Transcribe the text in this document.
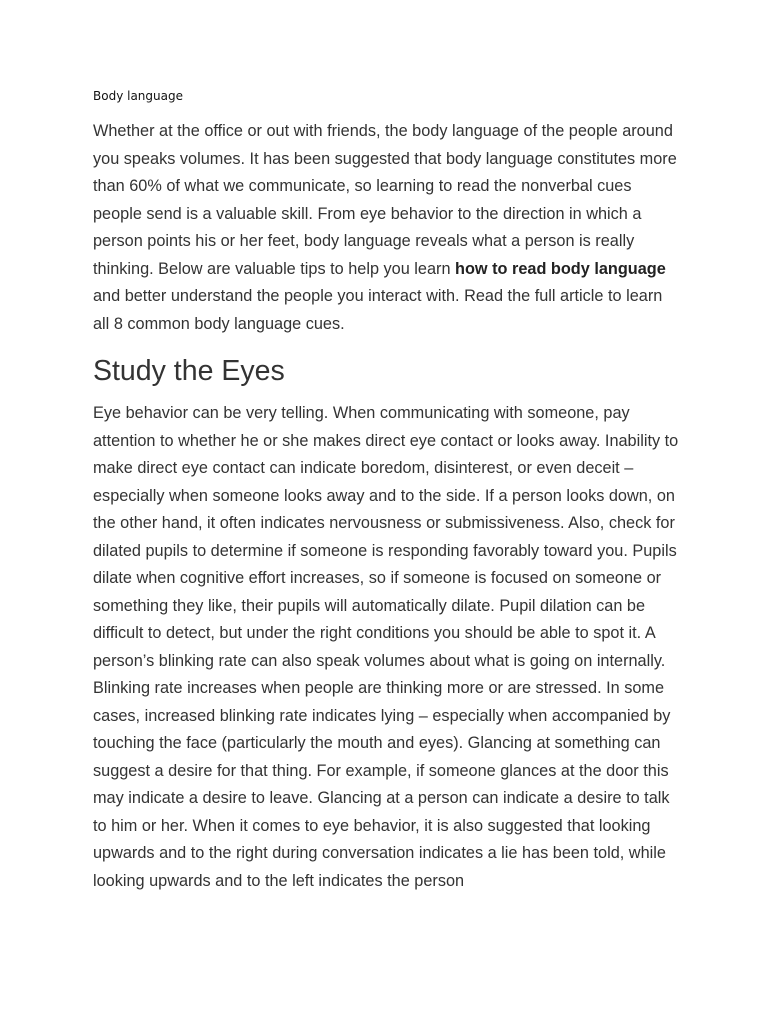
Body language

Whether at the office or out with friends, the body language of the people around you speaks volumes. It has been suggested that body language constitutes more than 60% of what we communicate, so learning to read the nonverbal cues people send is a valuable skill. From eye behavior to the direction in which a person points his or her feet, body language reveals what a person is really thinking. Below are valuable tips to help you learn how to read body language and better understand the people you interact with. Read the full article to learn all 8 common body language cues.

Study the Eyes

Eye behavior can be very telling. When communicating with someone, pay attention to whether he or she makes direct eye contact or looks away. Inability to make direct eye contact can indicate boredom, disinterest, or even deceit – especially when someone looks away and to the side. If a person looks down, on the other hand, it often indicates nervousness or submissiveness. Also, check for dilated pupils to determine if someone is responding favorably toward you. Pupils dilate when cognitive effort increases, so if someone is focused on someone or something they like, their pupils will automatically dilate. Pupil dilation can be difficult to detect, but under the right conditions you should be able to spot it. A person’s blinking rate can also speak volumes about what is going on internally. Blinking rate increases when people are thinking more or are stressed. In some cases, increased blinking rate indicates lying – especially when accompanied by touching the face (particularly the mouth and eyes). Glancing at something can suggest a desire for that thing. For example, if someone glances at the door this may indicate a desire to leave. Glancing at a person can indicate a desire to talk to him or her. When it comes to eye behavior, it is also suggested that looking upwards and to the right during conversation indicates a lie has been told, while looking upwards and to the left indicates the person
